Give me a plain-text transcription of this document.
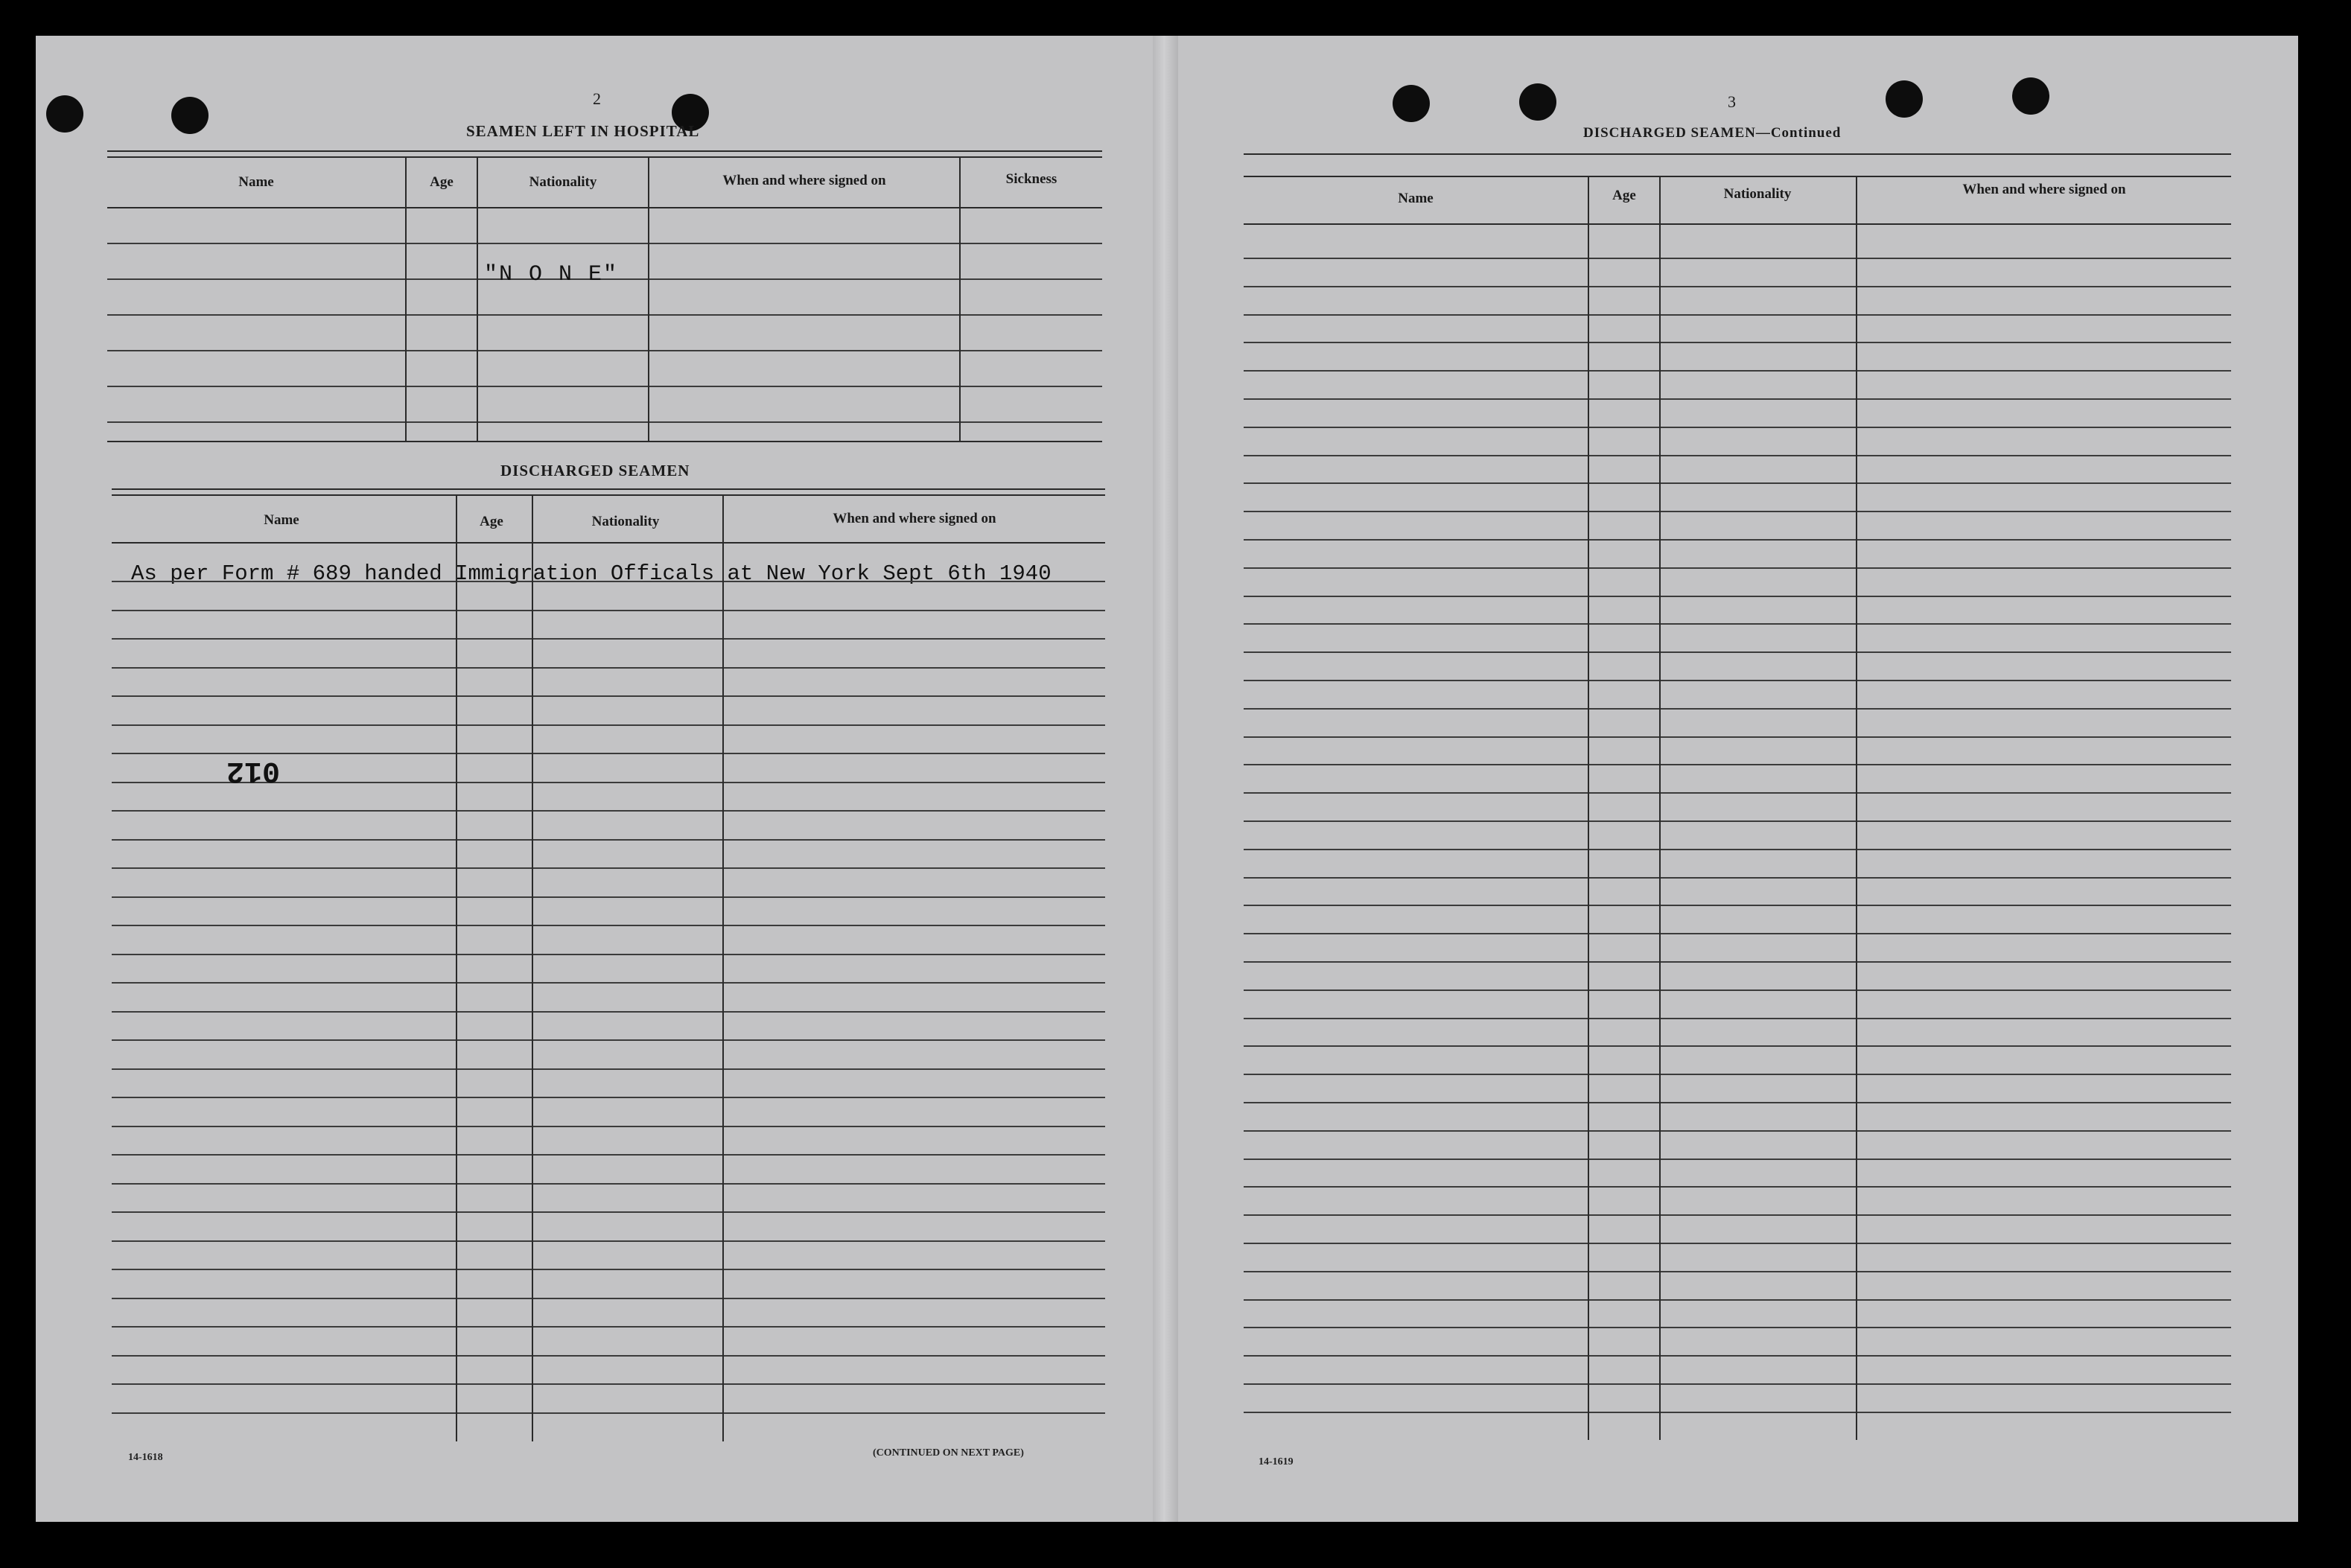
2
SEAMEN LEFT IN HOSPITAL
Name	Age	Nationality	When and where signed on	Sickness
"N O N E"
DISCHARGED SEAMEN
Name	Age	Nationality	When and where signed on
As per Form # 689 handed Immigration Officals at New York Sept 6th 1940
012
14-1618	(CONTINUED ON NEXT PAGE)
3
DISCHARGED SEAMEN—Continued
Name	Age	Nationality	When and where signed on
14-1619
